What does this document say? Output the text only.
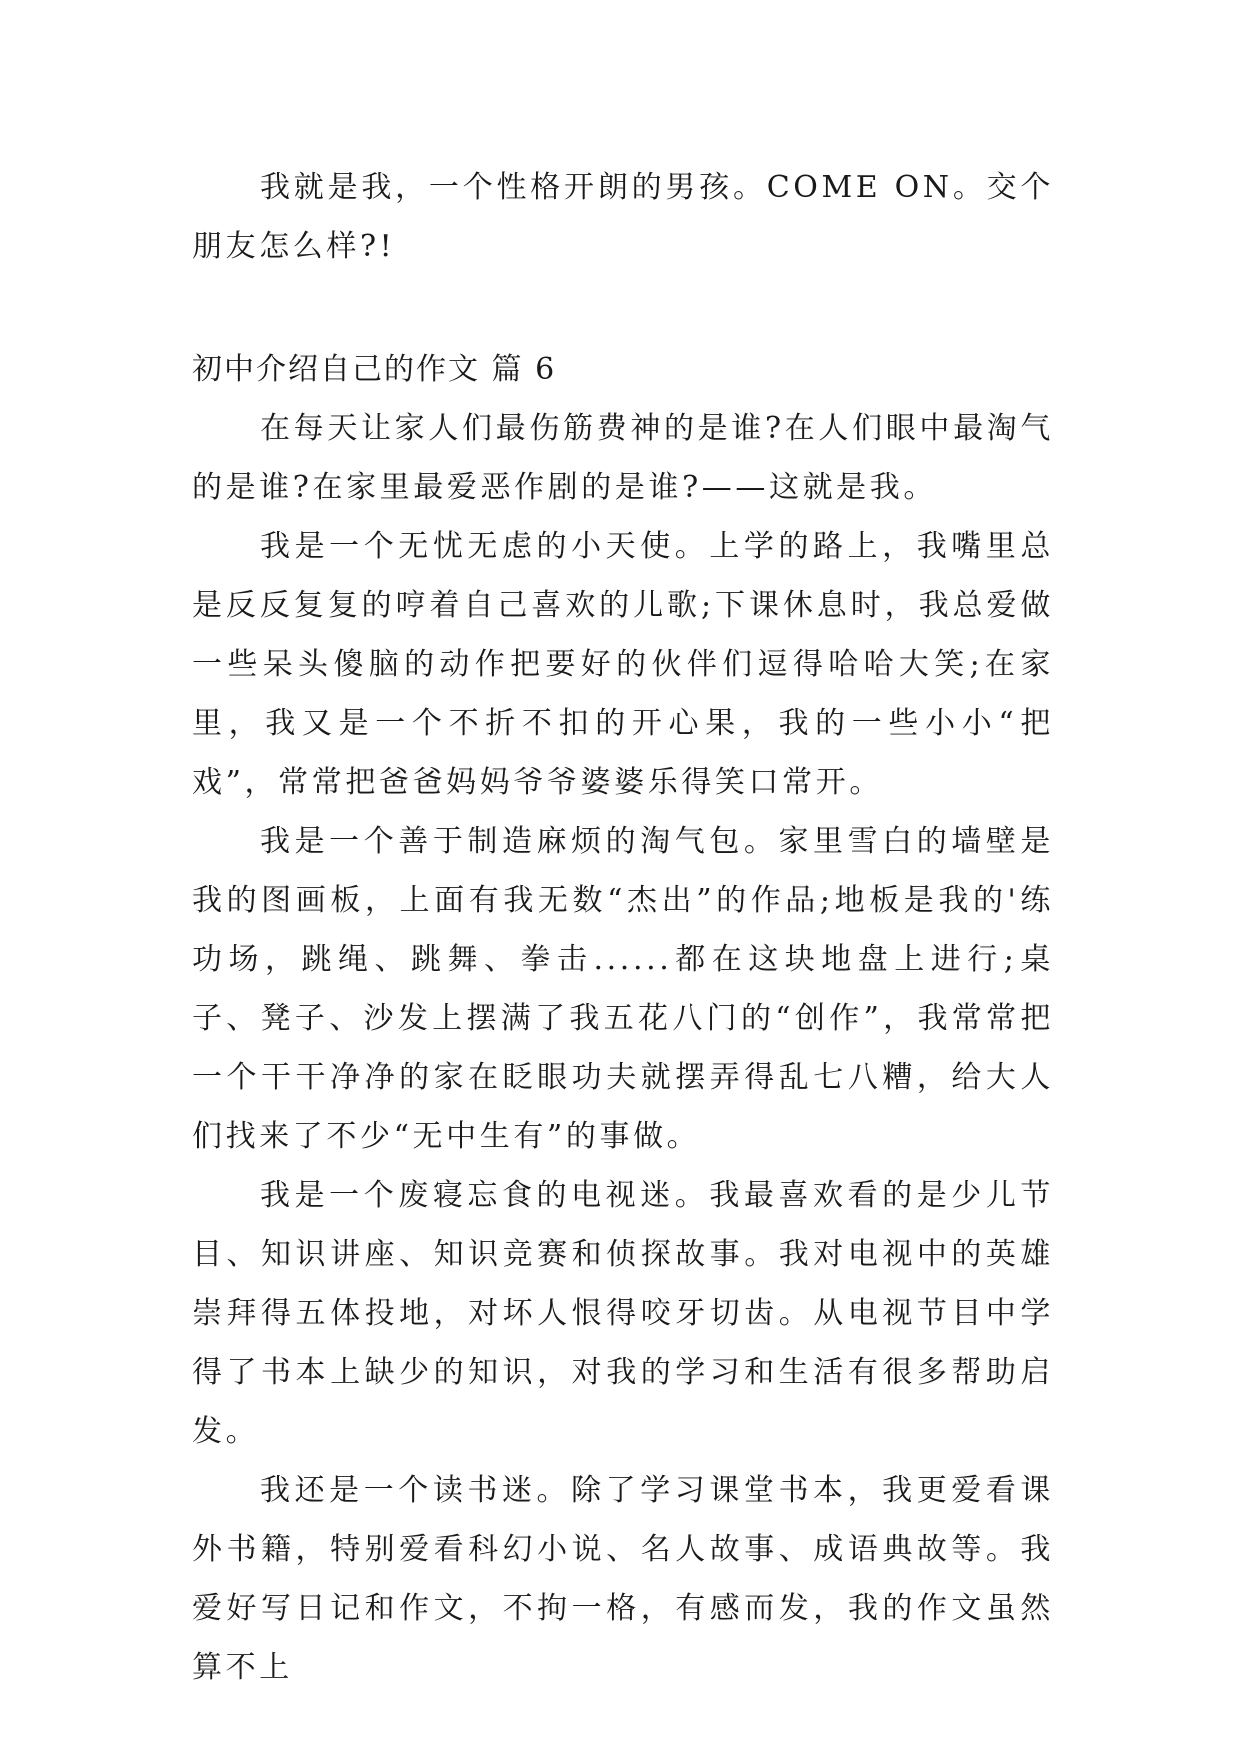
我就是我，一个性格开朗的男孩。COME ON。交个朋友怎么样?!

初中介绍自己的作文 篇 6

在每天让家人们最伤筋费神的是谁?在人们眼中最淘气的是谁?在家里最爱恶作剧的是谁?——这就是我。

我是一个无忧无虑的小天使。上学的路上，我嘴里总是反反复复的哼着自己喜欢的儿歌;下课休息时，我总爱做一些呆头傻脑的动作把要好的伙伴们逗得哈哈大笑;在家里，我又是一个不折不扣的开心果，我的一些小小“把戏”，常常把爸爸妈妈爷爷婆婆乐得笑口常开。

我是一个善于制造麻烦的淘气包。家里雪白的墙壁是我的图画板，上面有我无数“杰出”的作品;地板是我的'练功场，跳绳、跳舞、拳击......都在这块地盘上进行;桌子、凳子、沙发上摆满了我五花八门的“创作”，我常常把一个干干净净的家在眨眼功夫就摆弄得乱七八糟，给大人们找来了不少“无中生有”的事做。

我是一个废寝忘食的电视迷。我最喜欢看的是少儿节目、知识讲座、知识竞赛和侦探故事。我对电视中的英雄崇拜得五体投地，对坏人恨得咬牙切齿。从电视节目中学得了书本上缺少的知识，对我的学习和生活有很多帮助启发。

我还是一个读书迷。除了学习课堂书本，我更爱看课外书籍，特别爱看科幻小说、名人故事、成语典故等。我爱好写日记和作文，不拘一格，有感而发，我的作文虽然算不上
